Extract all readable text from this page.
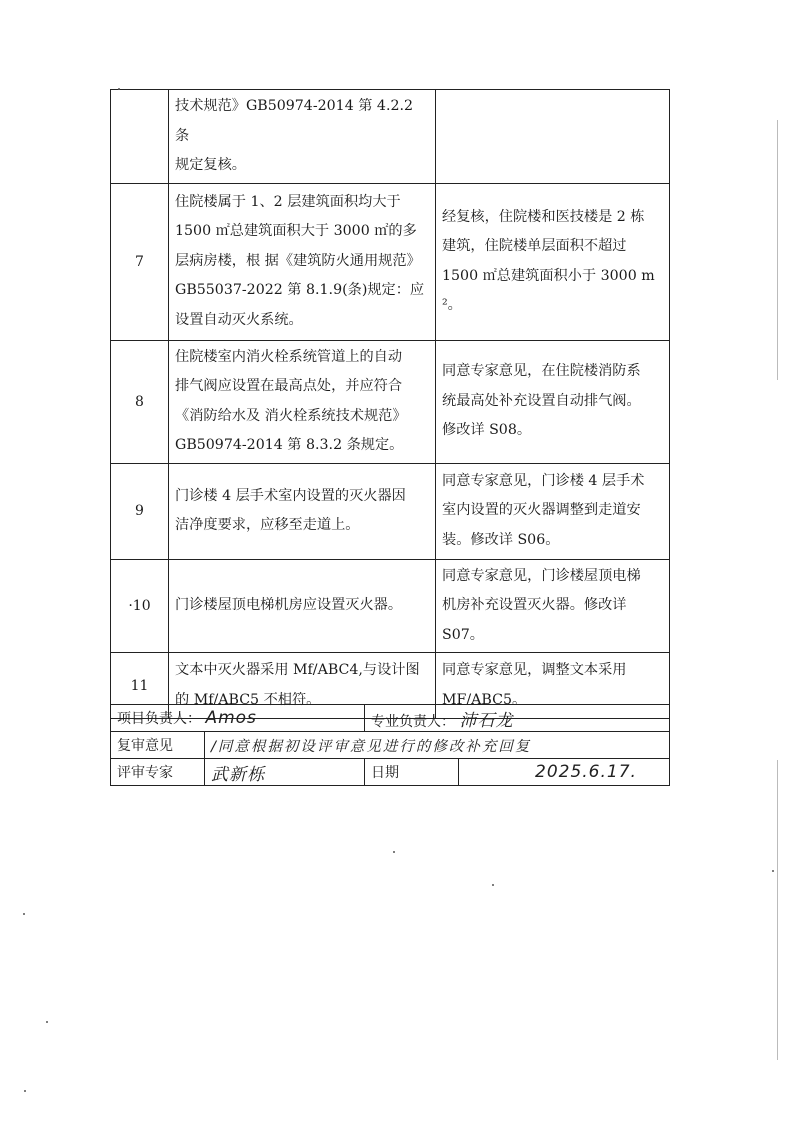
	技术规范》GB50974-2014 第 4.2.2 条
规定复核。	

7	住院楼属于 1、2 层建筑面积均大于
1500 ㎡总建筑面积大于 3000 ㎡的多
层病房楼，根 据《建筑防火通用规范》
GB55037-2022 第 8.1.9(条)规定：应
设置自动灭火系统。	经复核，住院楼和医技楼是 2 栋
建筑，住院楼单层面积不超过
1500 ㎡总建筑面积小于 3000 m
²。

8	住院楼室内消火栓系统管道上的自动
排气阀应设置在最高点处，并应符合
《消防给水及 消火栓系统技术规范》
GB50974-2014 第 8.3.2 条规定。	同意专家意见，在住院楼消防系
统最高处补充设置自动排气阀。
修改详 S08。

9	门诊楼 4 层手术室内设置的灭火器因
洁净度要求，应移至走道上。	同意专家意见，门诊楼 4 层手术
室内设置的灭火器调整到走道安
装。修改详 S06。

·10	门诊楼屋顶电梯机房应设置灭火器。	同意专家意见，门诊楼屋顶电梯
机房补充设置灭火器。修改详
S07。

11	文本中灭火器采用 Mf/ABC4,与设计图
的 Mf/ABC5 不相符。	同意专家意见，调整文本采用
MF/ABC5。
项目负责人： Amos		专业负责人： 沛石龙	
复审意见	/同意根据初设评审意见进行的修改补充回复		
评审专家	武新栎	日期	2025.6.17.
